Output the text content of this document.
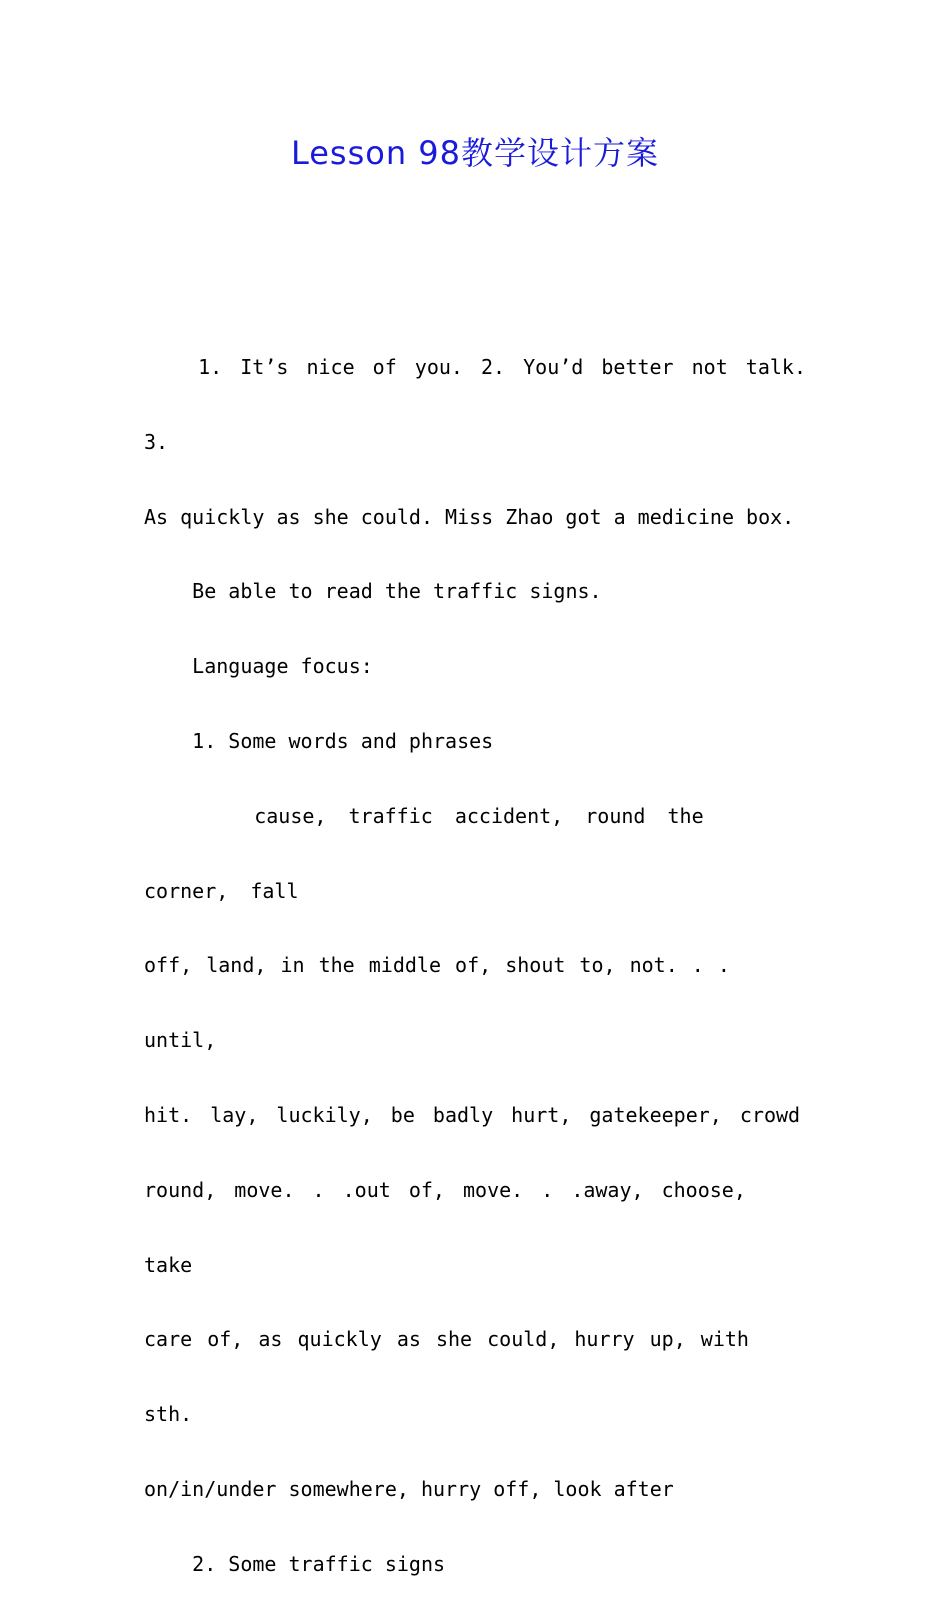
Lesson 98教学设计方案

1. It’s nice of you. 2. You’d better not talk. 3.

As quickly as she could. Miss Zhao got a medicine box.

Be able to read the traffic signs.

Language focus:

1. Some words and phrases

cause, traffic accident, round the corner, fall

off, land, in the middle of, shout to, not. . . until,

hit. lay, luckily, be badly hurt, gatekeeper, crowd

round, move. . .out of, move. . .away, choose, take

care of, as quickly as she could, hurry up, with sth.

on/in/under somewhere, hurry off, look after

2. Some traffic signs
